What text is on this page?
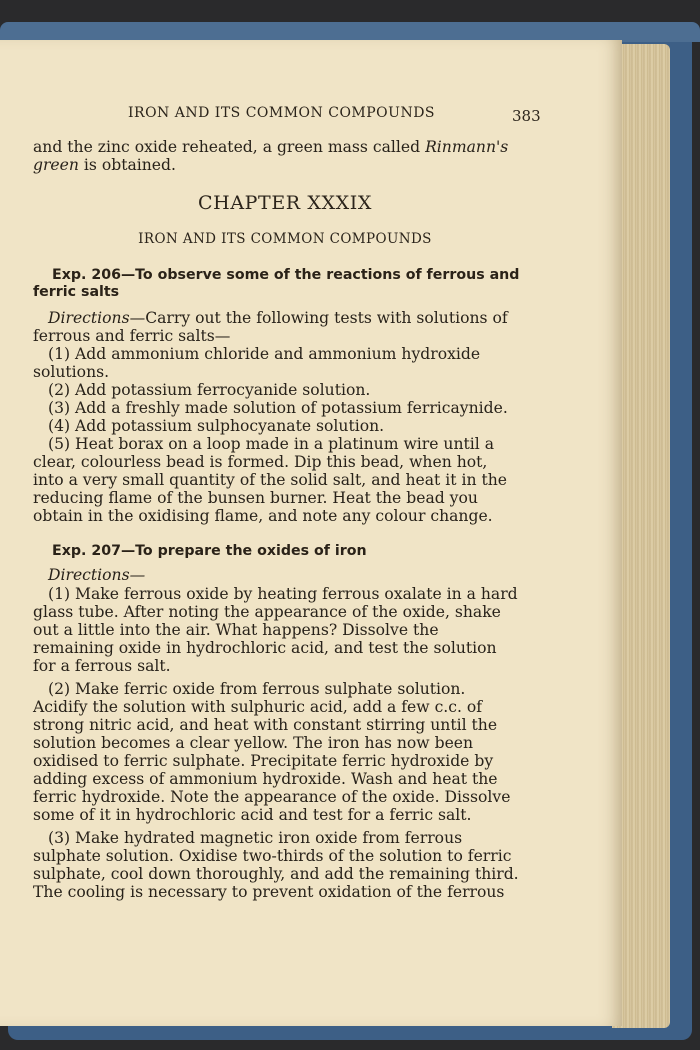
IRON AND ITS COMMON COMPOUNDS	383
and the zinc oxide reheated, a green mass called Rinmann's
green is obtained.
CHAPTER XXXIX
IRON AND ITS COMMON COMPOUNDS
Exp. 206—To observe some of the reactions of ferrous and
ferric salts
Directions—Carry out the following tests with solutions of
ferrous and ferric salts—
(1) Add ammonium chloride and ammonium hydroxide
solutions.
(2) Add potassium ferrocyanide solution.
(3) Add a freshly made solution of potassium ferricaynide.
(4) Add potassium sulphocyanate solution.
(5) Heat borax on a loop made in a platinum wire until a
clear, colourless bead is formed. Dip this bead, when hot,
into a very small quantity of the solid salt, and heat it in the
reducing flame of the bunsen burner. Heat the bead you
obtain in the oxidising flame, and note any colour change.
Exp. 207—To prepare the oxides of iron
Directions—
(1) Make ferrous oxide by heating ferrous oxalate in a hard
glass tube. After noting the appearance of the oxide, shake
out a little into the air. What happens? Dissolve the
remaining oxide in hydrochloric acid, and test the solution
for a ferrous salt.
(2) Make ferric oxide from ferrous sulphate solution.
Acidify the solution with sulphuric acid, add a few c.c. of
strong nitric acid, and heat with constant stirring until the
solution becomes a clear yellow. The iron has now been
oxidised to ferric sulphate. Precipitate ferric hydroxide by
adding excess of ammonium hydroxide. Wash and heat the
ferric hydroxide. Note the appearance of the oxide. Dissolve
some of it in hydrochloric acid and test for a ferric salt.
(3) Make hydrated magnetic iron oxide from ferrous
sulphate solution. Oxidise two-thirds of the solution to ferric
sulphate, cool down thoroughly, and add the remaining third.
The cooling is necessary to prevent oxidation of the ferrous
